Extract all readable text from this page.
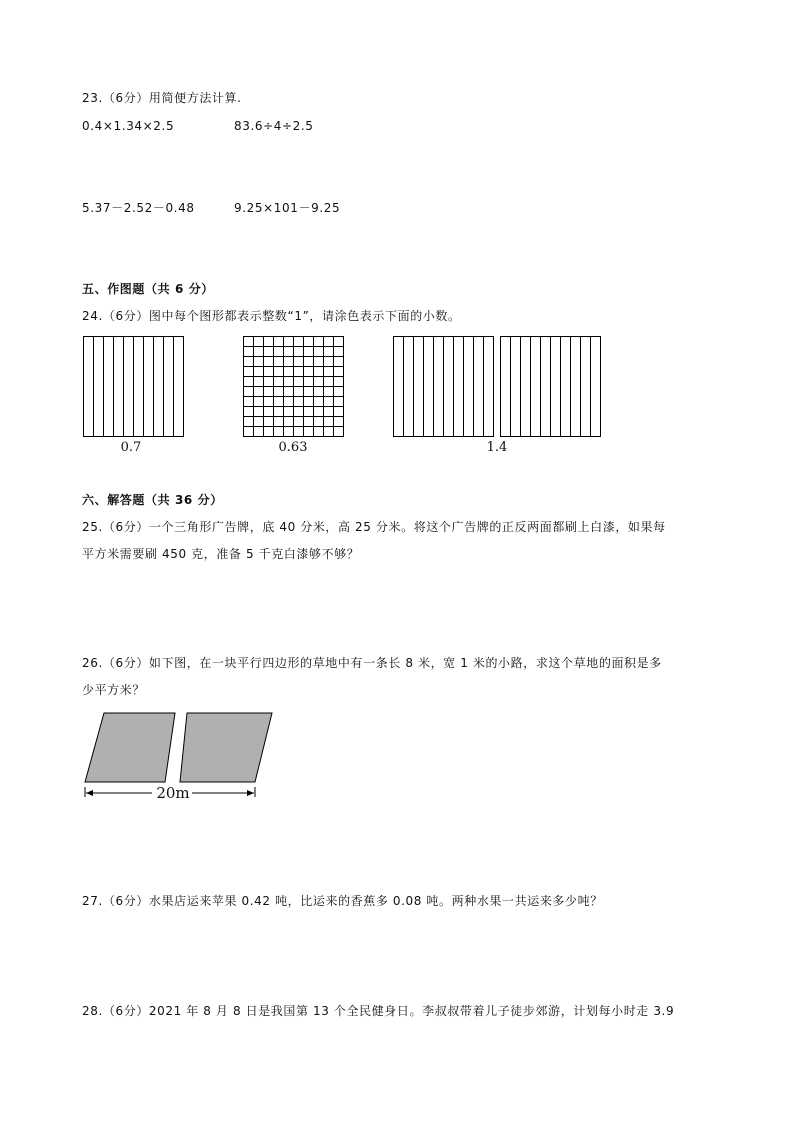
23.（6分）用简便方法计算.
0.4×1.34×2.5	83.6÷4÷2.5
5.37－2.52－0.48	9.25×101－9.25
五、作图题（共 6 分）
24.（6分）图中每个图形都表示整数“1”，请涂色表示下面的小数。
0.7	0.63	1.4
六、解答题（共 36 分）
25.（6分）一个三角形广告牌，底 40 分米，高 25 分米。将这个广告牌的正反两面都刷上白漆，如果每
平方米需要刷 450 克，准备 5 千克白漆够不够？
26.（6分）如下图，在一块平行四边形的草地中有一条长 8 米，宽 1 米的小路，求这个草地的面积是多
少平方米？
20m
27.（6分）水果店运来苹果 0.42 吨，比运来的香蕉多 0.08 吨。两种水果一共运来多少吨？
28.（6分）2021 年 8 月 8 日是我国第 13 个全民健身日。李叔叔带着儿子徒步郊游，计划每小时走 3.9
